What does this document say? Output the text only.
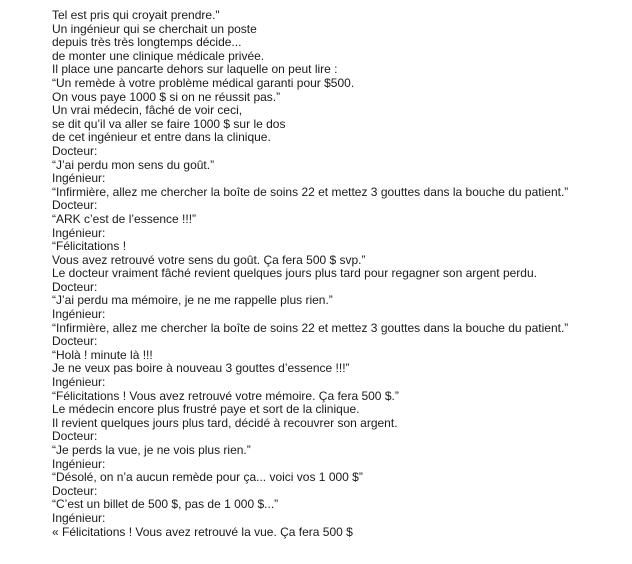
Tel est pris qui croyait prendre."
Un ingénieur qui se cherchait un poste
depuis très très longtemps décide...
de monter une clinique médicale privée.
Il place une pancarte dehors sur laquelle on peut lire :
“Un remède à votre problème médical garanti pour $500.
On vous paye 1000 $ si on ne réussit pas.”
Un vrai médecin, fâché de voir ceci,
se dit qu’il va aller se faire 1000 $ sur le dos
de cet ingénieur et entre dans la clinique.
Docteur:
“J’ai perdu mon sens du goût.”
Ingénieur:
“Infirmière, allez me chercher la boîte de soins 22 et mettez 3 gouttes dans la bouche du patient.”
Docteur:
“ARK c’est de l’essence !!!”
Ingénieur:
“Félicitations !
Vous avez retrouvé votre sens du goût. Ça fera 500 $ svp.”
Le docteur vraiment fâché revient quelques jours plus tard pour regagner son argent perdu.
Docteur:
“J’ai perdu ma mémoire, je ne me rappelle plus rien.”
Ingénieur:
“Infirmière, allez me chercher la boîte de soins 22 et mettez 3 gouttes dans la bouche du patient.”
Docteur:
“Holà ! minute là !!!
Je ne veux pas boire à nouveau 3 gouttes d’essence !!!”
Ingénieur:
“Félicitations ! Vous avez retrouvé votre mémoire. Ça fera 500 $.”
Le médecin encore plus frustré paye et sort de la clinique.
Il revient quelques jours plus tard, décidé à recouvrer son argent.
Docteur:
“Je perds la vue, je ne vois plus rien.”
Ingénieur:
“Désolé, on n’a aucun remède pour ça... voici vos 1 000 $”
Docteur:
“C’est un billet de 500 $, pas de 1 000 $...”
Ingénieur:
« Félicitations ! Vous avez retrouvé la vue. Ça fera 500 $
